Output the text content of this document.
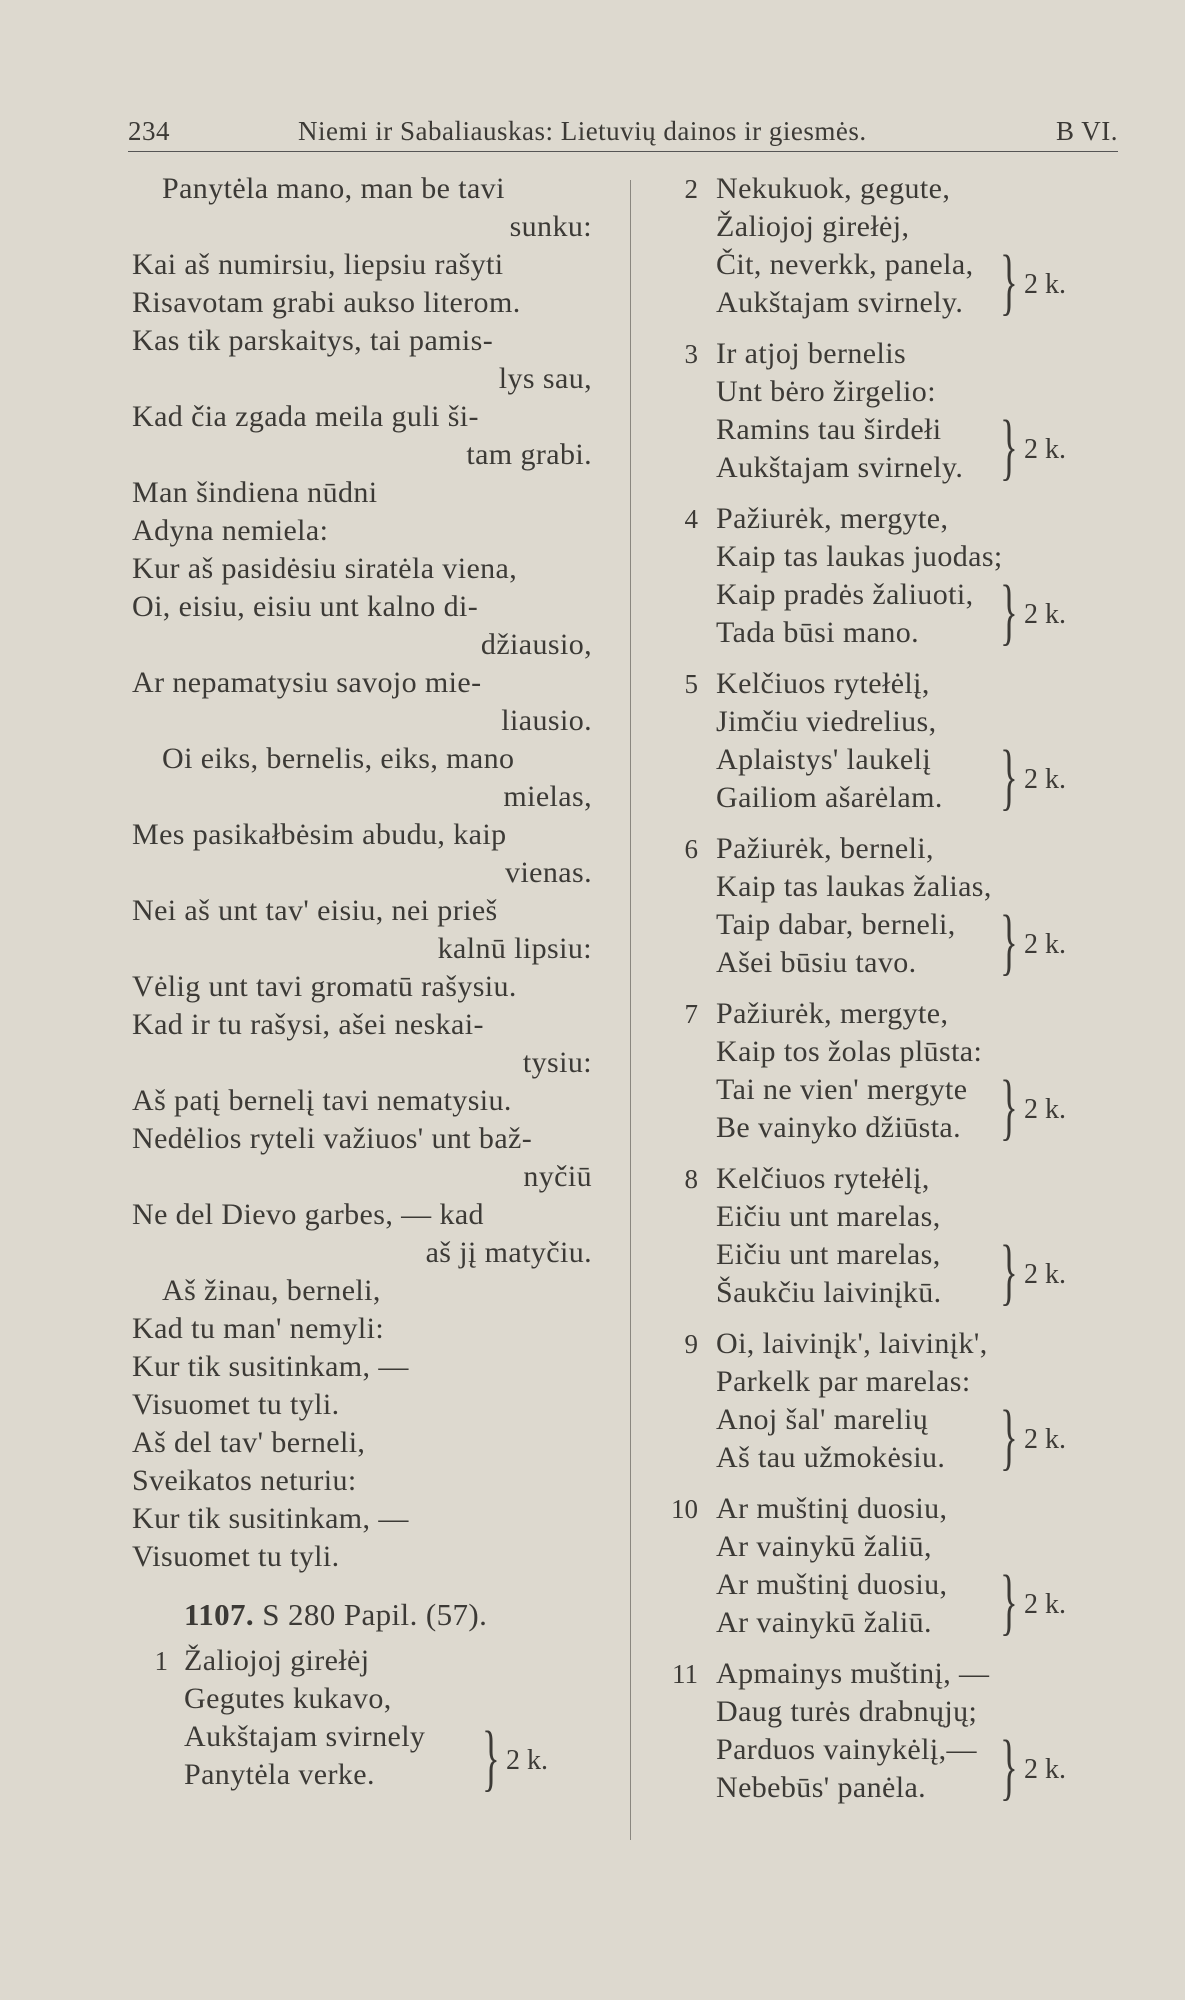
234	Niemi ir Sabaliauskas: Lietuvių dainos ir giesmės.	B VI.
Panytėla mano, man be tavi
sunku:
Kai aš numirsiu, liepsiu rašyti
Risavotam grabi aukso literom.
Kas tik parskaitys, tai pamis-
lys sau,
Kad čia zgada meila guli ši-
tam grabi.
Man šindiena nūdni
Adyna nemiela:
Kur aš pasidėsiu siratėla viena,
Oi, eisiu, eisiu unt kalno di-
džiausio,
Ar nepamatysiu savojo mie-
liausio.
Oi eiks, bernelis, eiks, mano
mielas,
Mes pasikałbėsim abudu, kaip
vienas.
Nei aš unt tav' eisiu, nei prieš
kalnū lipsiu:
Vėlig unt tavi gromatū rašysiu.
Kad ir tu rašysi, ašei neskai-
tysiu:
Aš patį bernelį tavi nematysiu.
Nedėlios ryteli važiuos' unt baž-
nyčiū
Ne del Dievo garbes, — kad
aš jį matyčiu.
Aš žinau, berneli,
Kad tu man' nemyli:
Kur tik susitinkam, —
Visuomet tu tyli.
Aš del tav' berneli,
Sveikatos neturiu:
Kur tik susitinkam, —
Visuomet tu tyli.
1107. S 280 Papil. (57).
1 Žaliojoj girełėj
Gegutes kukavo,
Aukštajam svirnely
Panytėla verke.	} 2 k.
2 Nekukuok, gegute,
Žaliojoj girełėj,
Čit, neverkk, panela,
Aukštajam svirnely. } 2 k.
3 Ir atjoj bernelis
Unt bėro žirgelio:
Ramins tau širdełi
Aukštajam svirnely. } 2 k.
4 Pažiurėk, mergyte,
Kaip tas laukas juodas;
Kaip pradės žaliuoti,
Tada būsi mano.	} 2 k.
5 Kelčiuos rytełėlį,
Jimčiu viedrelius,
Aplaistys' laukelį
Gailiom ašarėlam. } 2 k.
6 Pažiurėk, berneli,
Kaip tas laukas žalias,
Taip dabar, berneli,
Ašei būsiu tavo.	} 2 k.
7 Pažiurėk, mergyte,
Kaip tos žolas plūsta:
Tai ne vien' mergyte
Be vainyko džiūsta. } 2 k.
8 Kelčiuos rytełėlį,
Eičiu unt marelas,
Eičiu unt marelas,
Šaukčiu laivinįkū. } 2 k.
9 Oi, laivinįk', laivinįk',
Parkelk par marelas:
Anoj šal' marelių
Aš tau užmokėsiu. } 2 k.
10 Ar muštinį duosiu,
Ar vainykū žaliū,
Ar muštinį duosiu,
Ar vainykū žaliū. } 2 k.
11 Apmainys muštinį, —
Daug turės drabnųjų;
Parduos vainykėlį,—
Nebebūs' panėla. } 2 k.
